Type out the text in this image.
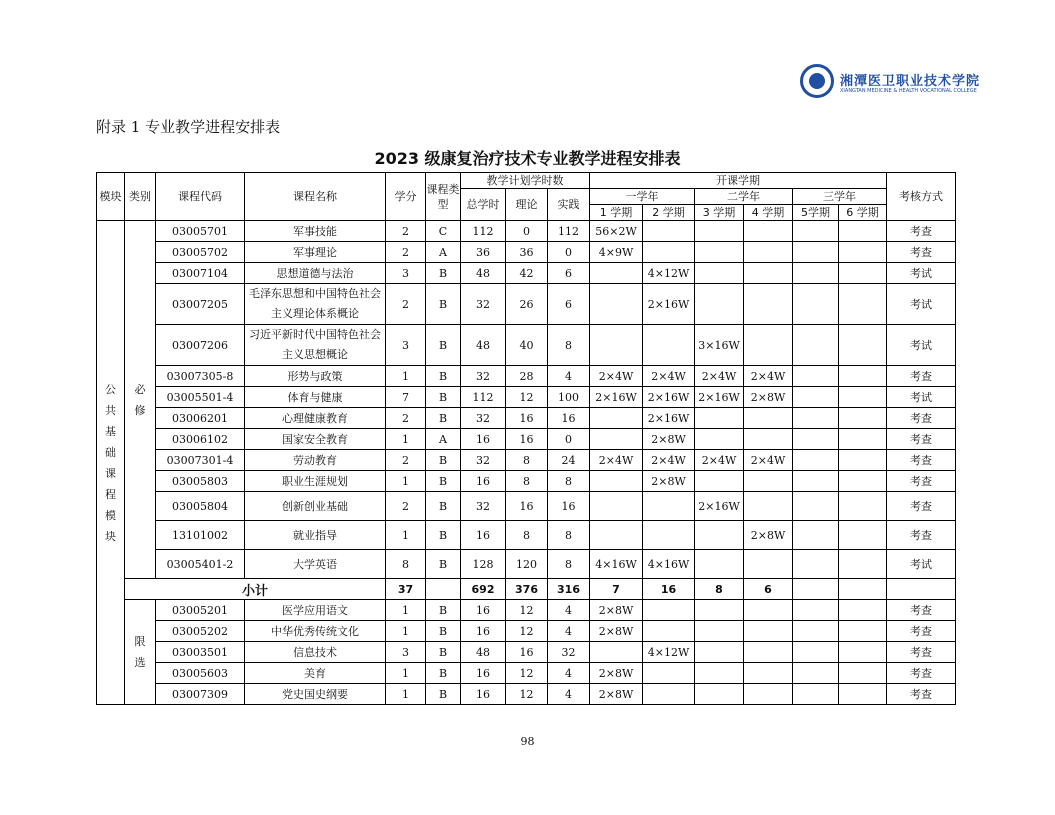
湘潭医卫职业技术学院
XIANGTAN MEDICINE & HEALTH VOCATIONAL COLLEGE
附录 1 专业教学进程安排表
2023 级康复治疗技术专业教学进程安排表
模块	类别	课程代码	课程名称	学分	课程类型	教学计划学时数			开课学期						考核方式
						总学时	理论	实践	一学年		二学年		三学年		
									1 学期	2 学期	3 学期	4 学期	5学期	6 学期	

公共基础课程模块	必修	03005701	军事技能	2	C	112	0	112	56×2W						考查
		03005702	军事理论	2	A	36	36	0	4×9W						考查
		03007104	思想道德与法治	3	B	48	42	6		4×12W					考试
		03007205	毛泽东思想和中国特色社会主义理论体系概论	2	B	32	26	6		2×16W					考试
		03007206	习近平新时代中国特色社会主义思想概论	3	B	48	40	8			3×16W				考试
		03007305-8	形势与政策	1	B	32	28	4	2×4W	2×4W	2×4W	2×4W			考查
		03005501-4	体育与健康	7	B	112	12	100	2×16W	2×16W	2×16W	2×8W			考试
		03006201	心理健康教育	2	B	32	16	16		2×16W					考查
		03006102	国家安全教育	1	A	16	16	0		2×8W					考查
		03007301-4	劳动教育	2	B	32	8	24	2×4W	2×4W	2×4W	2×4W			考查
		03005803	职业生涯规划	1	B	16	8	8		2×8W					考查
		03005804	创新创业基础	2	B	32	16	16			2×16W				考查
		13101002	就业指导	1	B	16	8	8				2×8W			考查
		03005401-2	大学英语	8	B	128	120	8	4×16W	4×16W					考试
	小计			37		692	376	316	7	16	8	6			

	限选	03005201	医学应用语文	1	B	16	12	4	2×8W						考查
		03005202	中华优秀传统文化	1	B	16	12	4	2×8W						考查
		03003501	信息技术	3	B	48	16	32		4×12W					考查
		03005603	美育	1	B	16	12	4	2×8W						考查
		03007309	党史国史纲要	1	B	16	12	4	2×8W						考查
98
